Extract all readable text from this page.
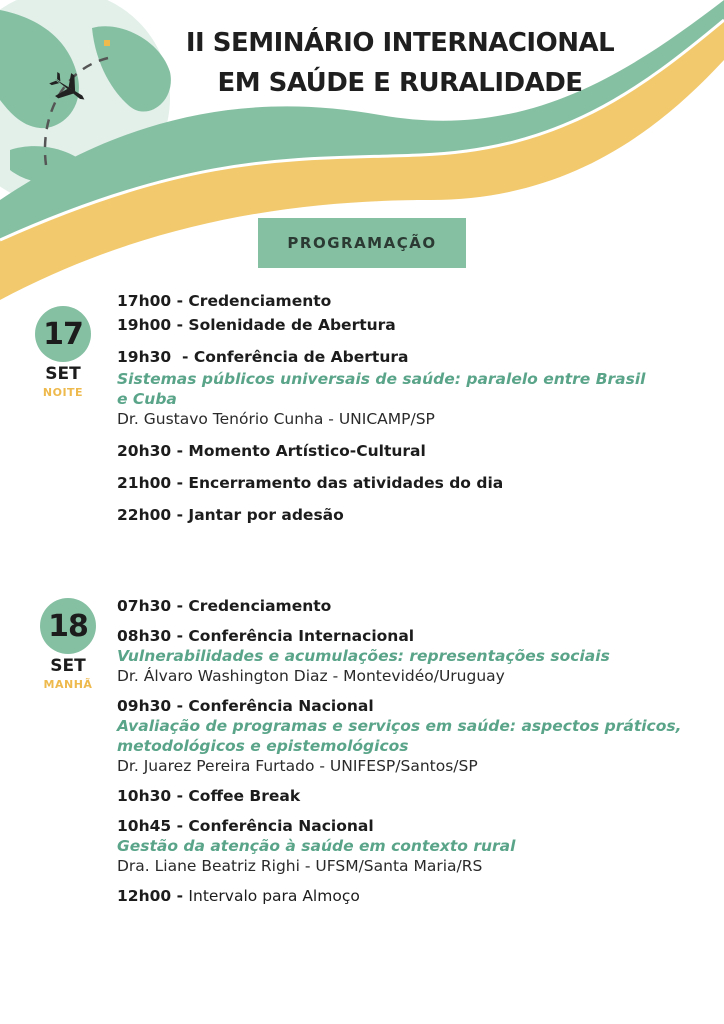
II SEMINÁRIO INTERNACIONAL
EM SAÚDE E RURALIDADE
PROGRAMAÇÃO
17
SET
NOITE
17h00 - Credenciamento
19h00 - Solenidade de Abertura
19h30  - Conferência de Abertura
Sistemas públicos universais de saúde: paralelo entre Brasil e Cuba
Dr. Gustavo Tenório Cunha - UNICAMP/SP
20h30 - Momento Artístico-Cultural
21h00 - Encerramento das atividades do dia
22h00 - Jantar por adesão
18
SET
MANHÃ
07h30 - Credenciamento
08h30 - Conferência Internacional
Vulnerabilidades e acumulações: representações sociais
Dr. Álvaro Washington Diaz - Montevidéo/Uruguay
09h30 - Conferência Nacional
Avaliação de programas e serviços em saúde: aspectos práticos,
metodológicos e epistemológicos
Dr. Juarez Pereira Furtado - UNIFESP/Santos/SP
10h30 - Coffee Break
10h45 - Conferência Nacional
Gestão da atenção à saúde em contexto rural
Dra. Liane Beatriz Righi - UFSM/Santa Maria/RS
12h00 - Intervalo para Almoço
